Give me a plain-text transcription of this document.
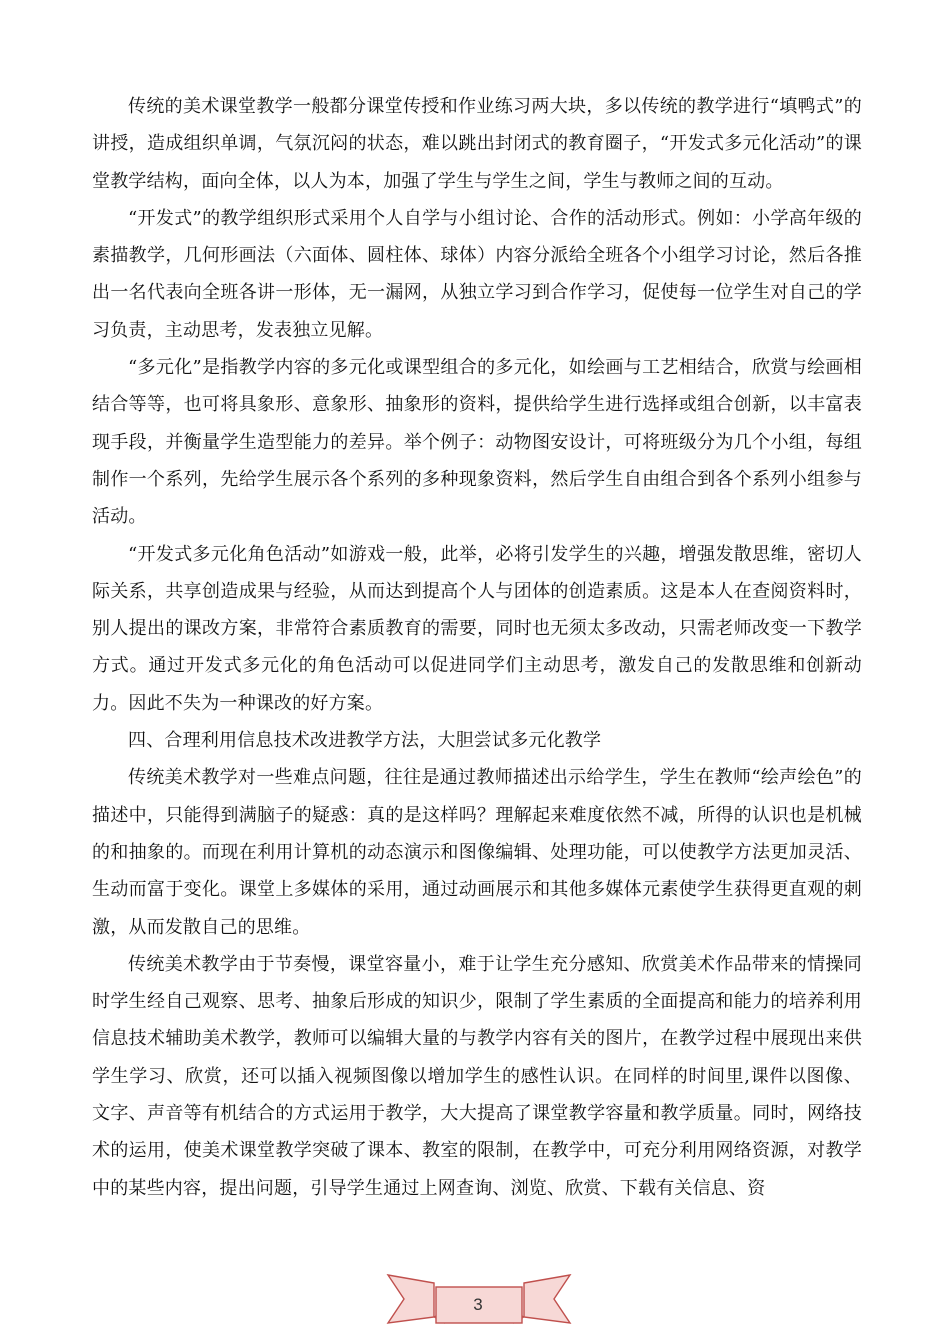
传统的美术课堂教学一般都分课堂传授和作业练习两大块，多以传统的教学进行“填鸭式”的讲授，造成组织单调，气氛沉闷的状态，难以跳出封闭式的教育圈子，“开发式多元化活动”的课堂教学结构，面向全体，以人为本，加强了学生与学生之间，学生与教师之间的互动。

“开发式”的教学组织形式采用个人自学与小组讨论、合作的活动形式。例如：小学高年级的素描教学，几何形画法（六面体、圆柱体、球体）内容分派给全班各个小组学习讨论，然后各推出一名代表向全班各讲一形体，无一漏网，从独立学习到合作学习，促使每一位学生对自己的学习负责，主动思考，发表独立见解。

“多元化”是指教学内容的多元化或课型组合的多元化，如绘画与工艺相结合，欣赏与绘画相结合等等，也可将具象形、意象形、抽象形的资料，提供给学生进行选择或组合创新，以丰富表现手段，并衡量学生造型能力的差异。举个例子：动物图安设计，可将班级分为几个小组，每组制作一个系列，先给学生展示各个系列的多种现象资料，然后学生自由组合到各个系列小组参与活动。

“开发式多元化角色活动”如游戏一般，此举，必将引发学生的兴趣，增强发散思维，密切人际关系，共享创造成果与经验，从而达到提高个人与团体的创造素质。这是本人在查阅资料时，别人提出的课改方案，非常符合素质教育的需要，同时也无须太多改动，只需老师改变一下教学方式。通过开发式多元化的角色活动可以促进同学们主动思考，激发自己的发散思维和创新动力。因此不失为一种课改的好方案。

四、合理利用信息技术改进教学方法，大胆尝试多元化教学

传统美术教学对一些难点问题，往往是通过教师描述出示给学生，学生在教师“绘声绘色”的描述中，只能得到满脑子的疑惑：真的是这样吗？理解起来难度依然不减，所得的认识也是机械的和抽象的。而现在利用计算机的动态演示和图像编辑、处理功能，可以使教学方法更加灵活、生动而富于变化。课堂上多媒体的采用，通过动画展示和其他多媒体元素使学生获得更直观的刺激，从而发散自己的思维。

传统美术教学由于节奏慢，课堂容量小，难于让学生充分感知、欣赏美术作品带来的情操同时学生经自己观察、思考、抽象后形成的知识少，限制了学生素质的全面提高和能力的培养利用信息技术辅助美术教学，教师可以编辑大量的与教学内容有关的图片，在教学过程中展现出来供学生学习、欣赏，还可以插入视频图像以增加学生的感性认识。在同样的时间里,课件以图像、文字、声音等有机结合的方式运用于教学，大大提高了课堂教学容量和教学质量。同时，网络技术的运用，使美术课堂教学突破了课本、教室的限制，在教学中，可充分利用网络资源，对教学中的某些内容，提出问题，引导学生通过上网查询、浏览、欣赏、下载有关信息、资

3
